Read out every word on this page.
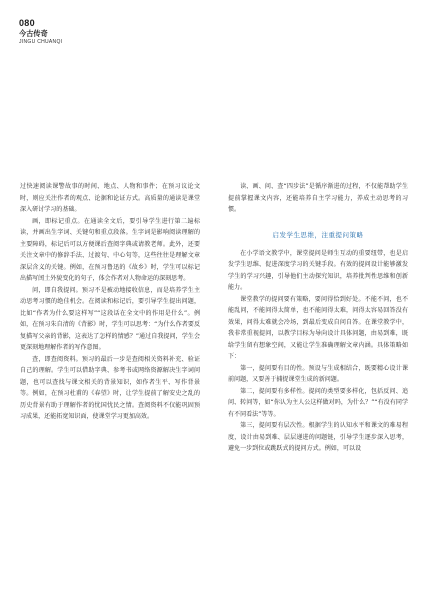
080
今古传奇
JINGU CHUANQI

过快速阅读课警故事的时间、地点、人物和事件；在预习议论文时，则应关注作者的观点、论据和论证方式。高质量的通读是课堂深入研讨学习的基础。

画，即标记重点。在通读全文后，要引导学生进行第二遍标读，并画出生字词、关键句和重点段落。生字词是影响阅读理解的主要障碍，标记后可以方便课后查阅字典或请教老师。此外，还要关注文章中的修辞手法、过渡句、中心句等，这些往往是理解文章深层含义的关键。例如，在预习鲁迅的《故乡》时，学生可以标记出描写闰土外貌变化的句子，体会作者对人物命运的深刻思考。

问，即自我提问。预习不是被动地接收信息，而是培养学生主动思考习惯的绝佳机会。在阅读和标记后，要引导学生提出问题，比如“作者为什么要这样写”“这段话在全文中的作用是什么”。例如，在预习朱自清的《背影》时，学生可以思考：“为什么作者要反复描写父亲的背影，这表达了怎样的情感？”通过自我提问，学生会更深刻地理解作者的写作意图。

查，即查阅资料。预习的最后一步是查阅相关资料补充、验证自己的理解。学生可以借助字典、参考书或网络资源解决生字词问题，也可以查找与课文相关的背景知识，如作者生平、写作背景等。例如，在预习杜甫的《春望》时，让学生提前了解安史之乱的历史背景有助于理解作者的忧国忧民之情。查阅资料不仅能巩固预习成果，还能拓宽知识面，使课堂学习更加高效。

读、画、问、查“四步法”是循序渐进的过程，不仅能帮助学生提前掌握课文内容，还能培养自主学习能力，养成主动思考的习惯。

启发学生思维，注重提问策略

在小学语文教学中，课堂提问是师生互动的重要纽带，也是启发学生思维、促进深度学习的关键手段。有效的提问设计能够激发学生的学习兴趣，引导他们主动探究知识，培养批判性思维和创新能力。

课堂教学的提问要有策略，要问得恰到好处。不能不问，也不能乱问，不能问得太简单，也不能问得太难，问得太容易回答没有效果，问得太难就会冷场，到最后变成自问自答。在课堂教学中，我非常重视提问，以教学目标为导向设计具体问题，由易到难，既给学生留有想象空间，又能让学生准确理解文章内涵。具体策略如下：

第一，提问要有目的性。预设与生成相结合，既要精心设计课前问题，又要善于捕捉课堂生成的新问题。

第二，提问要有多样性。提问的类型要多样化，包括反问、追问、转问等，如“你认为主人公这样做对吗，为什么？”“有没有同学有不同看法”等等。

第三，提问要有层次性。根据学生的认知水平和课文的难易程度，设计由易到难、层层递进的问题链，引导学生逐步深入思考，避免一步到位或跳跃式的提问方式。例如，可以设
